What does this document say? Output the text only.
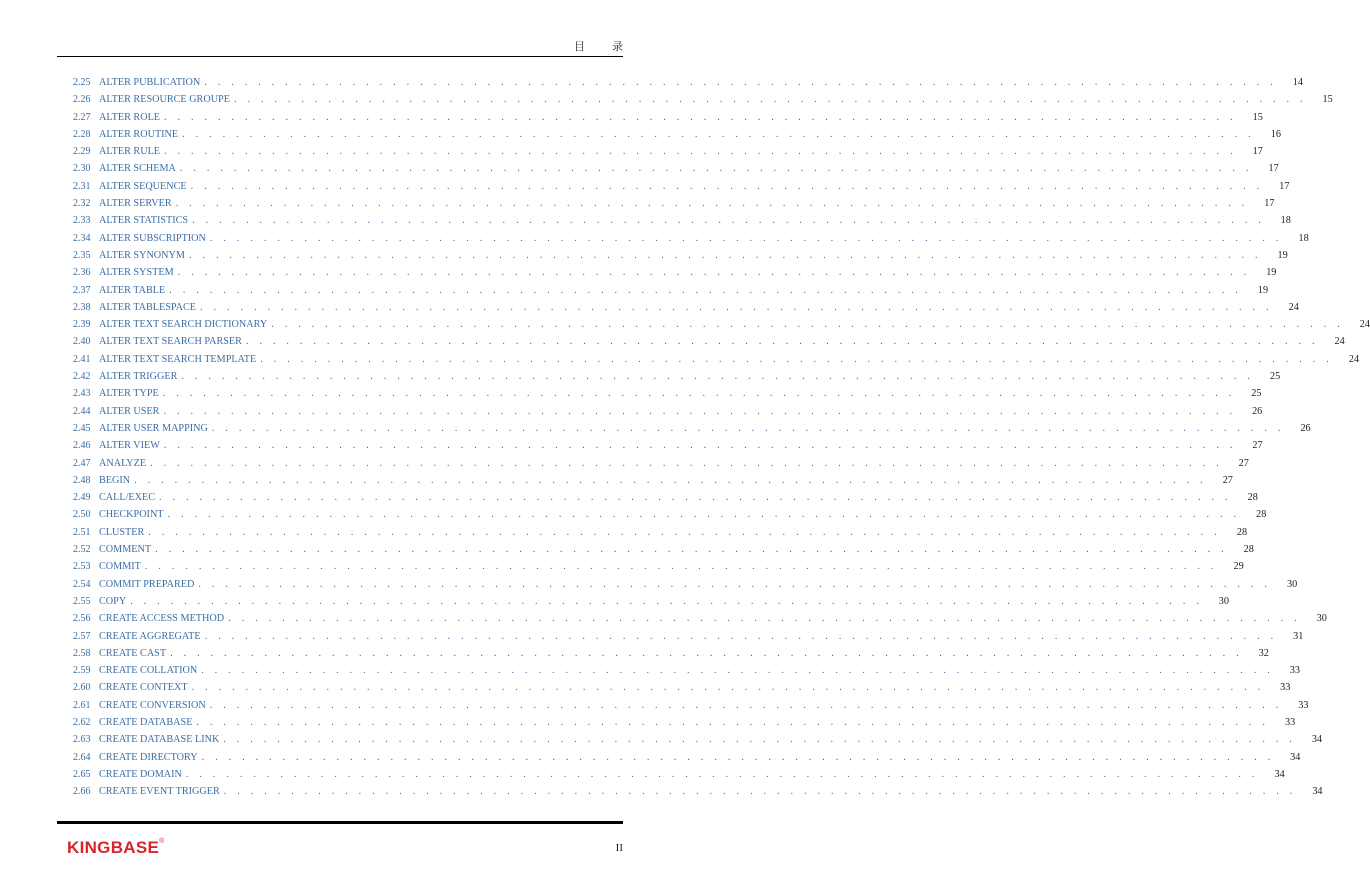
目 录
2.25 ALTER PUBLICATION . . . . . . . . . . . . . . . . . . . . . . . . . . . . . . . . . . . . . . . . . . . . . . . . . . . . . . . . . . . . . . . . . . . . . . . . . . . . . . . .	14
2.26 ALTER RESOURCE GROUPE . . . . . . . . . . . . . . . . . . . . . . . . . . . . . . . . . . . . . . . . . . . . . . . . . . . . . . . . . . . . . . . . . . . . . . . . . . . . . . . .	15
2.27 ALTER ROLE . . . . . . . . . . . . . . . . . . . . . . . . . . . . . . . . . . . . . . . . . . . . . . . . . . . . . . . . . . . . . . . . . . . . . . . . . . . . . . . .	15
2.28 ALTER ROUTINE . . . . . . . . . . . . . . . . . . . . . . . . . . . . . . . . . . . . . . . . . . . . . . . . . . . . . . . . . . . . . . . . . . . . . . . . . . . . . . . .	16
2.29 ALTER RULE . . . . . . . . . . . . . . . . . . . . . . . . . . . . . . . . . . . . . . . . . . . . . . . . . . . . . . . . . . . . . . . . . . . . . . . . . . . . . . . .	17
2.30 ALTER SCHEMA . . . . . . . . . . . . . . . . . . . . . . . . . . . . . . . . . . . . . . . . . . . . . . . . . . . . . . . . . . . . . . . . . . . . . . . . . . . . . . . .	17
2.31 ALTER SEQUENCE . . . . . . . . . . . . . . . . . . . . . . . . . . . . . . . . . . . . . . . . . . . . . . . . . . . . . . . . . . . . . . . . . . . . . . . . . . . . . . . .	17
2.32 ALTER SERVER . . . . . . . . . . . . . . . . . . . . . . . . . . . . . . . . . . . . . . . . . . . . . . . . . . . . . . . . . . . . . . . . . . . . . . . . . . . . . . . .	17
2.33 ALTER STATISTICS . . . . . . . . . . . . . . . . . . . . . . . . . . . . . . . . . . . . . . . . . . . . . . . . . . . . . . . . . . . . . . . . . . . . . . . . . . . . . . . .	18
2.34 ALTER SUBSCRIPTION . . . . . . . . . . . . . . . . . . . . . . . . . . . . . . . . . . . . . . . . . . . . . . . . . . . . . . . . . . . . . . . . . . . . . . . . . . . . . . . .	18
2.35 ALTER SYNONYM . . . . . . . . . . . . . . . . . . . . . . . . . . . . . . . . . . . . . . . . . . . . . . . . . . . . . . . . . . . . . . . . . . . . . . . . . . . . . . . .	19
2.36 ALTER SYSTEM . . . . . . . . . . . . . . . . . . . . . . . . . . . . . . . . . . . . . . . . . . . . . . . . . . . . . . . . . . . . . . . . . . . . . . . . . . . . . . . .	19
2.37 ALTER TABLE . . . . . . . . . . . . . . . . . . . . . . . . . . . . . . . . . . . . . . . . . . . . . . . . . . . . . . . . . . . . . . . . . . . . . . . . . . . . . . . .	19
2.38 ALTER TABLESPACE . . . . . . . . . . . . . . . . . . . . . . . . . . . . . . . . . . . . . . . . . . . . . . . . . . . . . . . . . . . . . . . . . . . . . . . . . . . . . . . .	24
2.39 ALTER TEXT SEARCH DICTIONARY . . . . . . . . . . . . . . . . . . . . . . . . . . . . . . . . . . . . . . . . . . . . . . . . . . . . . . . . . . . . . . . . . . . . . . . . . . . . . . . .	24
2.40 ALTER TEXT SEARCH PARSER . . . . . . . . . . . . . . . . . . . . . . . . . . . . . . . . . . . . . . . . . . . . . . . . . . . . . . . . . . . . . . . . . . . . . . . . . . . . . . . .	24
2.41 ALTER TEXT SEARCH TEMPLATE . . . . . . . . . . . . . . . . . . . . . . . . . . . . . . . . . . . . . . . . . . . . . . . . . . . . . . . . . . . . . . . . . . . . . . . . . . . . . . . .	24
2.42 ALTER TRIGGER . . . . . . . . . . . . . . . . . . . . . . . . . . . . . . . . . . . . . . . . . . . . . . . . . . . . . . . . . . . . . . . . . . . . . . . . . . . . . . . .	25
2.43 ALTER TYPE . . . . . . . . . . . . . . . . . . . . . . . . . . . . . . . . . . . . . . . . . . . . . . . . . . . . . . . . . . . . . . . . . . . . . . . . . . . . . . . .	25
2.44 ALTER USER . . . . . . . . . . . . . . . . . . . . . . . . . . . . . . . . . . . . . . . . . . . . . . . . . . . . . . . . . . . . . . . . . . . . . . . . . . . . . . . .	26
2.45 ALTER USER MAPPING . . . . . . . . . . . . . . . . . . . . . . . . . . . . . . . . . . . . . . . . . . . . . . . . . . . . . . . . . . . . . . . . . . . . . . . . . . . . . . . .	26
2.46 ALTER VIEW . . . . . . . . . . . . . . . . . . . . . . . . . . . . . . . . . . . . . . . . . . . . . . . . . . . . . . . . . . . . . . . . . . . . . . . . . . . . . . . .	27
2.47 ANALYZE . . . . . . . . . . . . . . . . . . . . . . . . . . . . . . . . . . . . . . . . . . . . . . . . . . . . . . . . . . . . . . . . . . . . . . . . . . . . . . . .	27
2.48 BEGIN . . . . . . . . . . . . . . . . . . . . . . . . . . . . . . . . . . . . . . . . . . . . . . . . . . . . . . . . . . . . . . . . . . . . . . . . . . . . . . . .	27
2.49 CALL/EXEC . . . . . . . . . . . . . . . . . . . . . . . . . . . . . . . . . . . . . . . . . . . . . . . . . . . . . . . . . . . . . . . . . . . . . . . . . . . . . . . .	28
2.50 CHECKPOINT . . . . . . . . . . . . . . . . . . . . . . . . . . . . . . . . . . . . . . . . . . . . . . . . . . . . . . . . . . . . . . . . . . . . . . . . . . . . . . . .	28
2.51 CLUSTER . . . . . . . . . . . . . . . . . . . . . . . . . . . . . . . . . . . . . . . . . . . . . . . . . . . . . . . . . . . . . . . . . . . . . . . . . . . . . . . .	28
2.52 COMMENT . . . . . . . . . . . . . . . . . . . . . . . . . . . . . . . . . . . . . . . . . . . . . . . . . . . . . . . . . . . . . . . . . . . . . . . . . . . . . . . .	28
2.53 COMMIT . . . . . . . . . . . . . . . . . . . . . . . . . . . . . . . . . . . . . . . . . . . . . . . . . . . . . . . . . . . . . . . . . . . . . . . . . . . . . . . .	29
2.54 COMMIT PREPARED . . . . . . . . . . . . . . . . . . . . . . . . . . . . . . . . . . . . . . . . . . . . . . . . . . . . . . . . . . . . . . . . . . . . . . . . . . . . . . . .	30
2.55 COPY . . . . . . . . . . . . . . . . . . . . . . . . . . . . . . . . . . . . . . . . . . . . . . . . . . . . . . . . . . . . . . . . . . . . . . . . . . . . . . . .	30
2.56 CREATE ACCESS METHOD . . . . . . . . . . . . . . . . . . . . . . . . . . . . . . . . . . . . . . . . . . . . . . . . . . . . . . . . . . . . . . . . . . . . . . . . . . . . . . . .	30
2.57 CREATE AGGREGATE . . . . . . . . . . . . . . . . . . . . . . . . . . . . . . . . . . . . . . . . . . . . . . . . . . . . . . . . . . . . . . . . . . . . . . . . . . . . . . . .	31
2.58 CREATE CAST . . . . . . . . . . . . . . . . . . . . . . . . . . . . . . . . . . . . . . . . . . . . . . . . . . . . . . . . . . . . . . . . . . . . . . . . . . . . . . . .	32
2.59 CREATE COLLATION . . . . . . . . . . . . . . . . . . . . . . . . . . . . . . . . . . . . . . . . . . . . . . . . . . . . . . . . . . . . . . . . . . . . . . . . . . . . . . . .	33
2.60 CREATE CONTEXT . . . . . . . . . . . . . . . . . . . . . . . . . . . . . . . . . . . . . . . . . . . . . . . . . . . . . . . . . . . . . . . . . . . . . . . . . . . . . . . .	33
2.61 CREATE CONVERSION . . . . . . . . . . . . . . . . . . . . . . . . . . . . . . . . . . . . . . . . . . . . . . . . . . . . . . . . . . . . . . . . . . . . . . . . . . . . . . . .	33
2.62 CREATE DATABASE . . . . . . . . . . . . . . . . . . . . . . . . . . . . . . . . . . . . . . . . . . . . . . . . . . . . . . . . . . . . . . . . . . . . . . . . . . . . . . . .	33
2.63 CREATE DATABASE LINK . . . . . . . . . . . . . . . . . . . . . . . . . . . . . . . . . . . . . . . . . . . . . . . . . . . . . . . . . . . . . . . . . . . . . . . . . . . . . . . .	34
2.64 CREATE DIRECTORY . . . . . . . . . . . . . . . . . . . . . . . . . . . . . . . . . . . . . . . . . . . . . . . . . . . . . . . . . . . . . . . . . . . . . . . . . . . . . . . .	34
2.65 CREATE DOMAIN . . . . . . . . . . . . . . . . . . . . . . . . . . . . . . . . . . . . . . . . . . . . . . . . . . . . . . . . . . . . . . . . . . . . . . . . . . . . . . . .	34
2.66 CREATE EVENT TRIGGER . . . . . . . . . . . . . . . . . . . . . . . . . . . . . . . . . . . . . . . . . . . . . . . . . . . . . . . . . . . . . . . . . . . . . . . . . . . . . . . .	34
KINGBASE®
II
